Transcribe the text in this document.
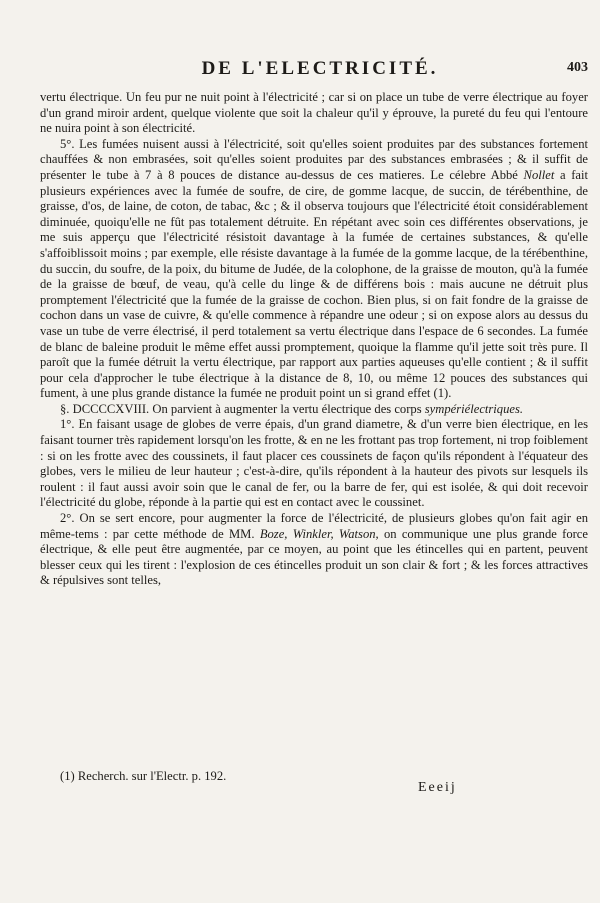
DE L'ELECTRICITÉ.	403

vertu électrique. Un feu pur ne nuit point à l'électricité ; car si on place un tube de verre électrique au foyer d'un grand miroir ardent, quelque violente que soit la chaleur qu'il y éprouve, la pureté du feu qui l'entoure ne nuira point à son électricité.

5°. Les fumées nuisent aussi à l'électricité, soit qu'elles soient produites par des substances fortement chauffées & non embrasées, soit qu'elles soient produites par des substances embrasées ; & il suffit de présenter le tube à 7 à 8 pouces de distance au-dessus de ces matieres. Le célebre Abbé Nollet a fait plusieurs expériences avec la fumée de soufre, de cire, de gomme lacque, de succin, de térébenthine, de graisse, d'os, de laine, de coton, de tabac, &c ; & il observa toujours que l'électricité étoit considérablement diminuée, quoiqu'elle ne fût pas totalement détruite. En répétant avec soin ces différentes observations, je me suis apperçu que l'électricité résistoit davantage à la fumée de certaines substances, & qu'elle s'affoiblissoit moins ; par exemple, elle résiste davantage à la fumée de la gomme lacque, de la térébenthine, du succin, du soufre, de la poix, du bitume de Judée, de la colophone, de la graisse de mouton, qu'à la fumée de la graisse de bœuf, de veau, qu'à celle du linge & de différens bois : mais aucune ne détruit plus promptement l'électricité que la fumée de la graisse de cochon. Bien plus, si on fait fondre de la graisse de cochon dans un vase de cuivre, & qu'elle commence à répandre une odeur ; si on expose alors au dessus du vase un tube de verre électrisé, il perd totalement sa vertu électrique dans l'espace de 6 secondes. La fumée de blanc de baleine produit le même effet aussi promptement, quoique la flamme qu'il jette soit très pure. Il paroît que la fumée détruit la vertu électrique, par rapport aux parties aqueuses qu'elle contient ; & il suffit pour cela d'approcher le tube électrique à la distance de 8, 10, ou même 12 pouces des substances qui fument, à une plus grande distance la fumée ne produit point un si grand effet (1).

§. DCCCCXVIII. On parvient à augmenter la vertu électrique des corps sympériélectriques.

1°. En faisant usage de globes de verre épais, d'un grand diametre, & d'un verre bien électrique, en les faisant tourner très rapidement lorsqu'on les frotte, & en ne les frottant pas trop fortement, ni trop foiblement : si on les frotte avec des coussinets, il faut placer ces coussinets de façon qu'ils répondent à l'équateur des globes, vers le milieu de leur hauteur ; c'est-à-dire, qu'ils répondent à la hauteur des pivots sur lesquels ils roulent : il faut aussi avoir soin que le canal de fer, ou la barre de fer, qui est isolée, & qui doit recevoir l'électricité du globe, réponde à la partie qui est en contact avec le coussinet.

2°. On se sert encore, pour augmenter la force de l'électricité, de plusieurs globes qu'on fait agir en même-tems : par cette méthode de MM. Boze, Winkler, Watson, on communique une plus grande force électrique, & elle peut être augmentée, par ce moyen, au point que les étincelles qui en partent, peuvent blesser ceux qui les tirent : l'explosion de ces étincelles produit un son clair & fort ; & les forces attractives & répulsives sont telles,

(1) Recherch. sur l'Electr. p. 192.
Eeeij
